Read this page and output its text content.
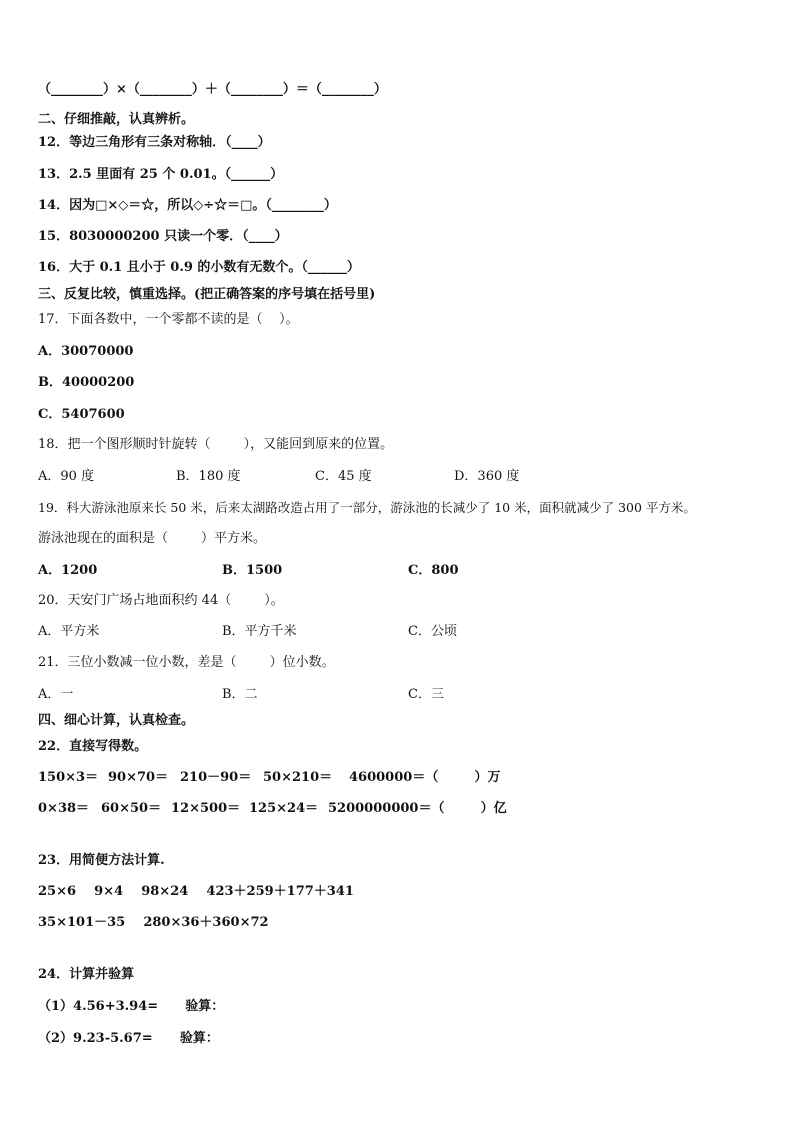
（________）×（________）＋（________）＝（________）
二、仔细推敲，认真辨析。
12．等边三角形有三条对称轴．（____）
13．2.5 里面有 25 个 0.01。（______）
14．因为□×◇＝☆，所以◇÷☆＝□。（________）
15．8030000200 只读一个零．（____）
16．大于 0.1 且小于 0.9 的小数有无数个。（______）
三、反复比较，慎重选择。(把正确答案的序号填在括号里)
17．下面各数中，一个零都不读的是（    ）。
A．30070000
B．40000200
C．5407600
18．把一个图形顺时针旋转（        ），又能回到原来的位置。
A．90 度	B．180 度	C．45 度	D．360 度
19．科大游泳池原来长 50 米，后来太湖路改造占用了一部分，游泳池的长减少了 10 米，面积就减少了 300 平方米。
游泳池现在的面积是（        ）平方米。
A．1200	B．1500	C．800
20．天安门广场占地面积约 44（        ）。
A．平方米	B．平方千米	C．公顷
21．三位小数减一位小数，差是（        ）位小数。
A．一	B．二	C．三
四、细心计算，认真检查。
22．直接写得数。
150×3＝ 90×70＝ 210－90＝ 50×210＝ 4600000＝（        ）万
0×38＝ 60×50＝ 12×500＝ 125×24＝ 5200000000＝（        ）亿
23．用简便方法计算.
25×6    9×4    98×24    423＋259＋177＋341
35×101－35    280×36＋360×72
24．计算并验算
（1）4.56+3.94=      验算：
（2）9.23-5.67=      验算：
